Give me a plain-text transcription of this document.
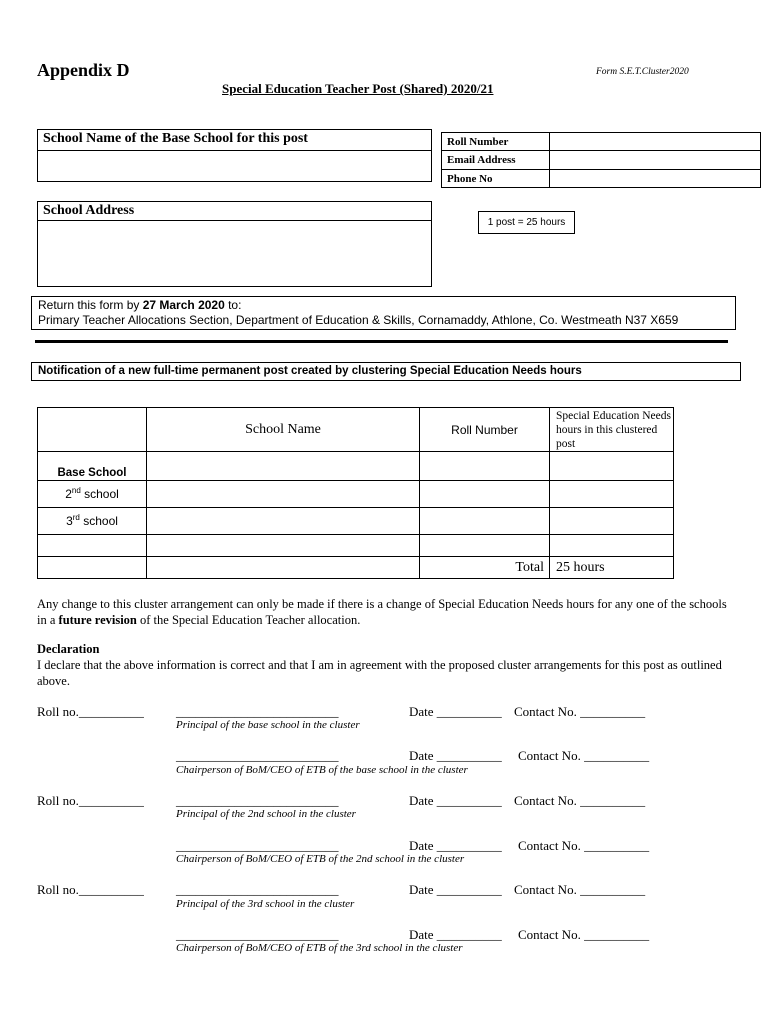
Appendix D	Form S.E.T.Cluster2020
Special Education Teacher Post (Shared) 2020/21
School Name of the Base School for this post	Roll Number	
Email Address	
Phone No	
School Address
1 post = 25 hours
Return this form by 27 March 2020 to:
Primary Teacher Allocations Section, Department of Education & Skills, Cornamaddy, Athlone, Co. Westmeath N37 X659
Notification of a new full-time permanent post created by clustering Special Education Needs hours
	School Name	Roll Number	Special Education Needs hours in this clustered post
Base School			
2nd school			
3rd school			

		Total	25 hours
Any change to this cluster arrangement can only be made if there is a change of Special Education Needs hours for any one of the schools in a future revision of the Special Education Teacher allocation.
Declaration
I declare that the above information is correct and that I am in agreement with the proposed cluster arrangements for this post as outlined above.
Roll no.__________ _________________________	Date __________ Contact No. __________
Principal of the base school in the cluster
_________________________	Date __________ Contact No. __________
Chairperson of BoM/CEO of ETB of the base school in the cluster
Roll no.__________ _________________________	Date __________ Contact No. __________
Principal of the 2nd school in the cluster
_________________________	Date __________ Contact No. __________
Chairperson of BoM/CEO of ETB of the 2nd school in the cluster
Roll no.__________ _________________________	Date __________ Contact No. __________
Principal of the 3rd school in the cluster
_________________________	Date __________ Contact No. __________
Chairperson of BoM/CEO of ETB of the 3rd school in the cluster
